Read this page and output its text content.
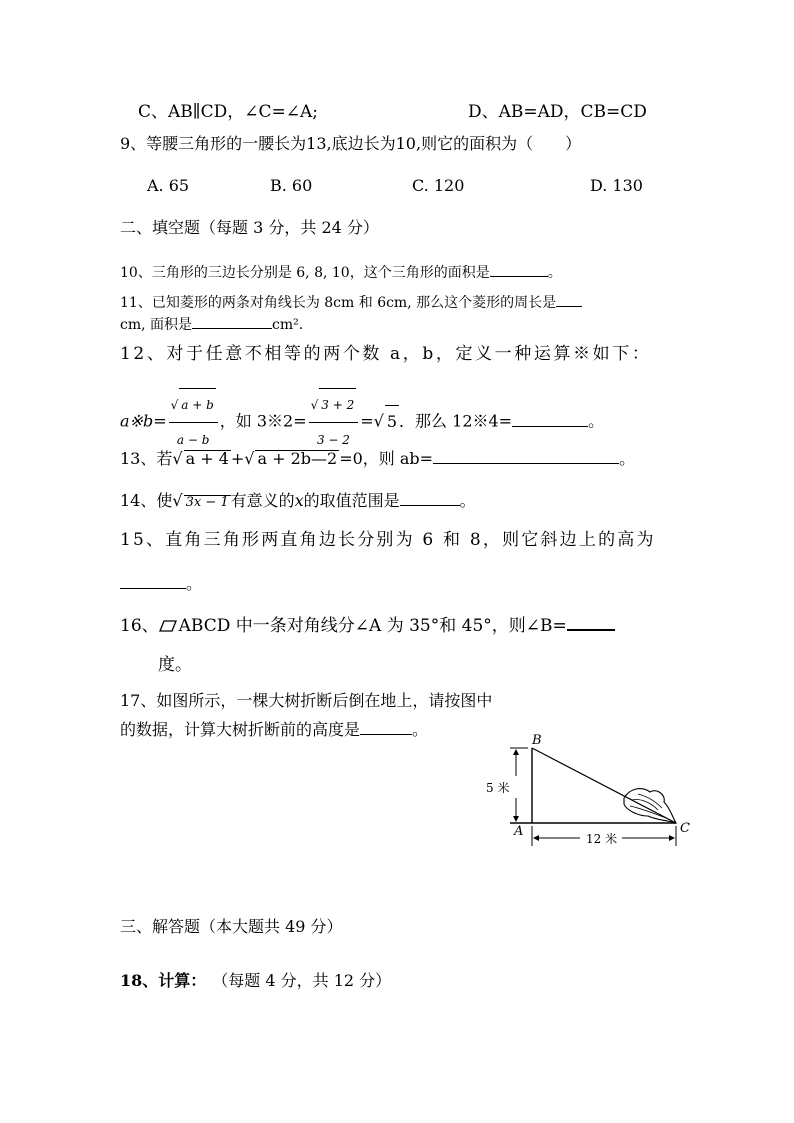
C、AB∥CD，∠C=∠A;	D、AB=AD，CB=CD
9、等腰三角形的一腰长为13,底边长为10,则它的面积为（　　）
A. 65	B. 60	C. 120	D. 130
二、填空题（每题 3 分，共 24 分）
10、三角形的三边长分别是 6, 8, 10，这个三角形的面积是	。
11、已知菱形的两条对角线长为 8cm 和 6cm, 那么这个菱形的周长是
cm, 面积是	cm².
12、对于任意不相等的两个数 a，b，定义一种运算※如下：
a※b= $\frac{√ a + b}{a - b}$ ，如 3※2= $\frac{√ 3 + 2}{3 - 2}$ =√ 5 ．那么 12※4=	。
13、若√ a + 4 +√ a + 2b—2 =0，则 ab=	。
14、使√ 3x − 1 有意义的x的取值范围是	。
15、直角三角形两直角边长分别为 6 和 8，则它斜边上的高为
。
16、 ABCD 中一条对角线分∠A 为 35°和 45°，则∠B=
度。
17、如图所示，一棵大树折断后倒在地上，请按图中
的数据，计算大树折断前的高度是	。
B
A	C
5 米
12 米
三、解答题（本大题共 49 分）
18、计算： （每题 4 分，共 12 分）
